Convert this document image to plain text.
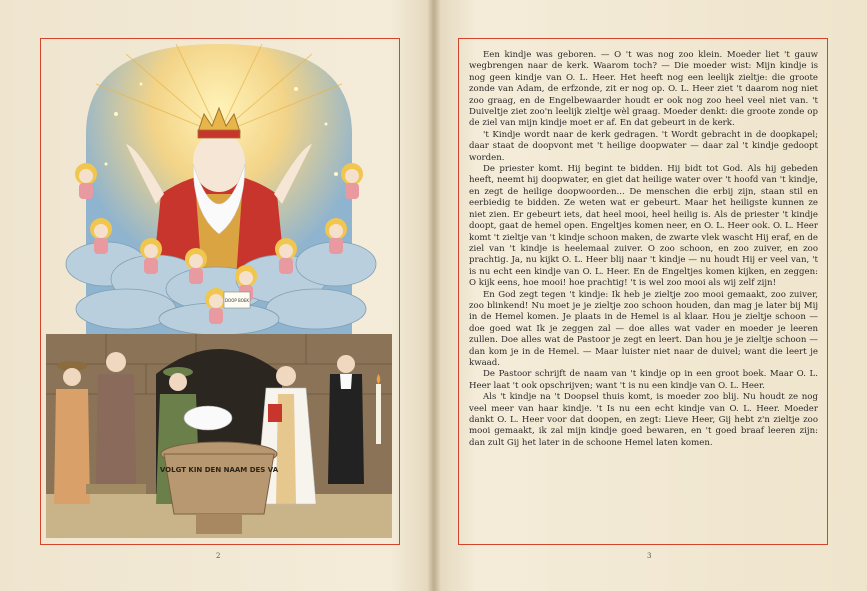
DOOP BOEK
VOLGT KIN DEN NAAM DES VA
2

Een kindje was geboren. — O 't was nog zoo klein. Moeder liet 't gauw wegbrengen naar de kerk. Waarom toch? — Die moeder wist: Mijn kindje is nog geen kindje van O. L. Heer. Het heeft nog een leelijk zieltje: die groote zonde van Adam, de erfzonde, zit er nog op. O. L. Heer ziet 't daarom nog niet zoo graag, en de Engelbewaarder houdt er ook nog zoo heel veel niet van. 't Duiveltje ziet zoo'n leelijk zieltje wèl graag. Moeder denkt: die groote zonde op de ziel van mijn kindje moet er af. En dat gebeurt in de kerk.

't Kindje wordt naar de kerk gedragen. 't Wordt gebracht in de doopkapel; daar staat de doopvont met 't heilige doopwater — daar zal 't kindje gedoopt worden.

De priester komt. Hij begint te bidden. Hij bidt tot God. Als hij gebeden heeft, neemt hij doopwater, en giet dat heilige water over 't hoofd van 't kindje, en zegt de heilige doopwoorden... De menschen die erbij zijn, staan stil en eerbiedig te bidden. Ze weten wat er gebeurt. Maar het heiligste kunnen ze niet zien. Er gebeurt iets, dat heel mooi, heel heilig is. Als de priester 't kindje doopt, gaat de hemel open. Engeltjes komen neer, en O. L. Heer ook. O. L. Heer komt 't zieltje van 't kindje schoon maken, de zwarte vlek wascht Hij eraf, en de ziel van 't kindje is heelemaal zuiver. O zoo schoon, en zoo zuiver, en zoo prachtig. Ja, nu kijkt O. L. Heer blij naar 't kindje — nu houdt Hij er veel van, 't is nu echt een kindje van O. L. Heer. En de Engeltjes komen kijken, en zeggen: O kijk eens, hoe mooi! hoe prachtig! 't is wel zoo mooi als wij zelf zijn!

En God zegt tegen 't kindje: Ik heb je zieltje zoo mooi gemaakt, zoo zuiver, zoo blinkend! Nu moet je je zieltje zoo schoon houden, dan mag je later bij Mij in de Hemel komen. Je plaats in de Hemel is al klaar. Hou je zieltje schoon — doe goed wat Ik je zeggen zal — doe alles wat vader en moeder je leeren zullen. Doe alles wat de Pastoor je zegt en leert. Dan hou je je zieltje schoon — dan kom je in de Hemel. — Maar luister niet naar de duivel; want die leert je kwaad.

De Pastoor schrijft de naam van 't kindje op in een groot boek. Maar O. L. Heer laat 't ook opschrijven; want 't is nu een kindje van O. L. Heer.

Als 't kindje na 't Doopsel thuis komt, is moeder zoo blij. Nu houdt ze nog veel meer van haar kindje. 't Is nu een echt kindje van O. L. Heer. Moeder dankt O. L. Heer voor dat doopen, en zegt: Lieve Heer, Gij hebt z'n zieltje zoo mooi gemaakt, ik zal mijn kindje goed bewaren, en 't goed braaf leeren zijn: dan zult Gij het later in de schoone Hemel laten komen.

3
